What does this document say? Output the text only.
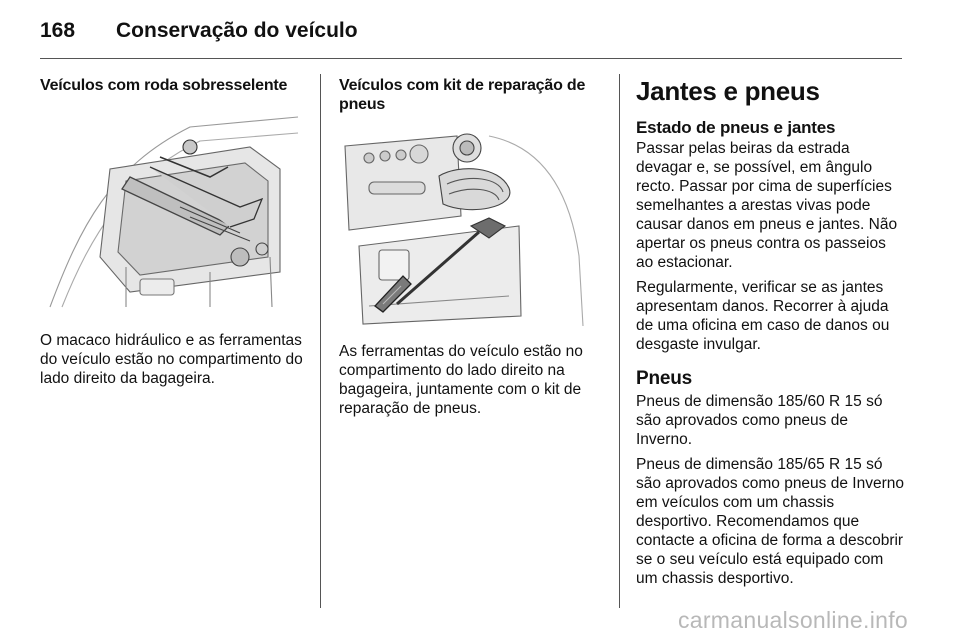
168	Conservação do veículo
Veículos com roda sobresselente

O macaco hidráulico e as ferramentas do veículo estão no compartimento do lado direito da bagageira.

Veículos com kit de reparação de pneus

As ferramentas do veículo estão no compartimento do lado direito na bagageira, juntamente com o kit de reparação de pneus.

Jantes e pneus
Estado de pneus e jantes

Passar pelas beiras da estrada devagar e, se possível, em ângulo recto. Passar por cima de superfícies semelhantes a arestas vivas pode causar danos em pneus e jantes. Não apertar os pneus contra os passeios ao estacionar.

Regularmente, verificar se as jantes apresentam danos. Recorrer à ajuda de uma oficina em caso de danos ou desgaste invulgar.

Pneus

Pneus de dimensão 185/60 R 15 só são aprovados como pneus de Inverno.

Pneus de dimensão 185/65 R 15 só são aprovados como pneus de Inverno em veículos com um chassis desportivo. Recomendamos que contacte a oficina de forma a descobrir se o seu veículo está equipado com um chassis desportivo.

carmanualsonline.info
